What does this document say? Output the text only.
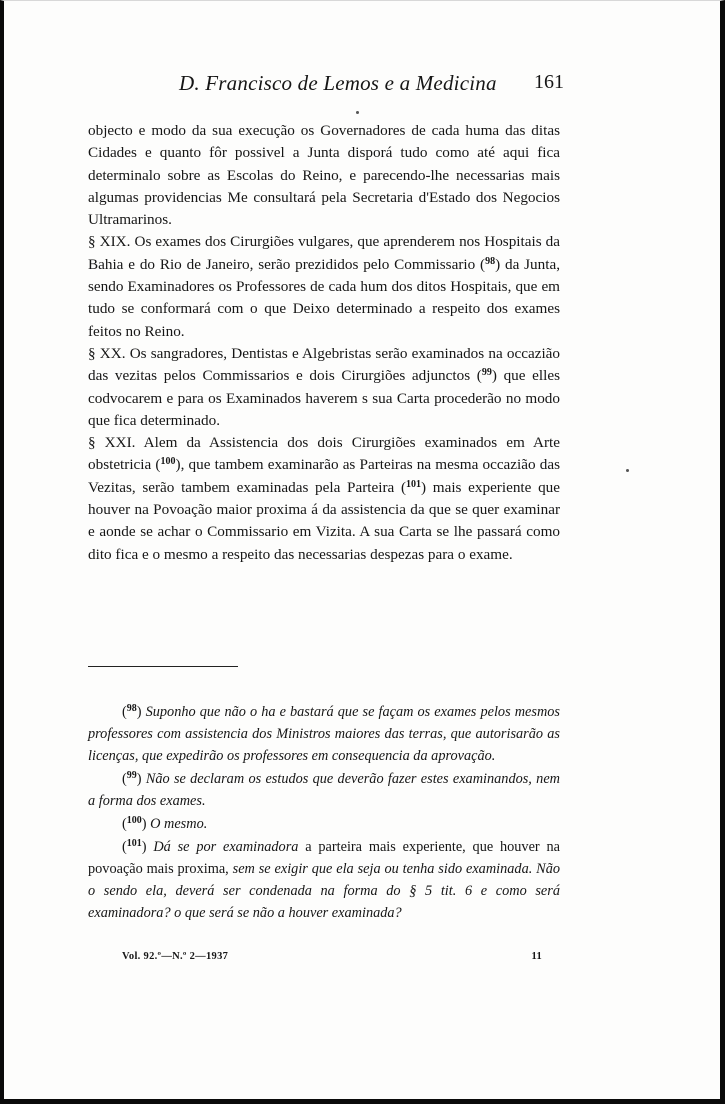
D. Francisco de Lemos e a Medicina 161

objecto e modo da sua execução os Governadores de cada huma das ditas Cidades e quanto fôr possivel a Junta disporá tudo como até aqui fica determinalo sobre as Escolas do Reino, e parecendo-lhe necessarias mais algumas providencias Me consultará pela Secretaria d'Estado dos Negocios Ultramarinos.

§ XIX. Os exames dos Cirurgiões vulgares, que aprenderem nos Hospitais da Bahia e do Rio de Janeiro, serão prezididos pelo Commissario ($^{98}$) da Junta, sendo Examinadores os Professores de cada hum dos ditos Hospitais, que em tudo se conformará com o que Deixo determinado a respeito dos exames feitos no Reino.

§ XX. Os sangradores, Dentistas e Algebristas serão examinados na occazião das vezitas pelos Commissarios e dois Cirurgiões adjunctos ($^{99}$) que elles codvocarem e para os Examinados haverem s sua Carta procederão no modo que fica determinado.

§ XXI. Alem da Assistencia dos dois Cirurgiões examinados em Arte obstetricia ($^{100}$), que tambem examinarão as Parteiras na mesma occazião das Vezitas, serão tambem examinadas pela Parteira ($^{101}$) mais experiente que houver na Povoação maior proxima á da assistencia da que se quer examinar e aonde se achar o Commissario em Vizita. A sua Carta se lhe passará como dito fica e o mesmo a respeito das necessarias despezas para o exame.

($^{98}$) Suponho que não o ha e bastará que se façam os exames pelos mesmos professores com assistencia dos Ministros maiores das terras, que autorisarão as licenças, que expedirão os professores em consequencia da aprovação.

($^{99}$) Não se declaram os estudos que deverão fazer estes examinandos, nem a forma dos exames.

($^{100}$) O mesmo.

($^{101}$) Dá se por examinadora a parteira mais experiente, que houver na povoação mais proxima, sem se exigir que ela seja ou tenha sido examinada. Não o sendo ela, deverá ser condenada na forma do § 5 tit. 6 e como será examinadora? o que será se não a houver examinada?

Vol. 92.º—N.º 2—1937	11
